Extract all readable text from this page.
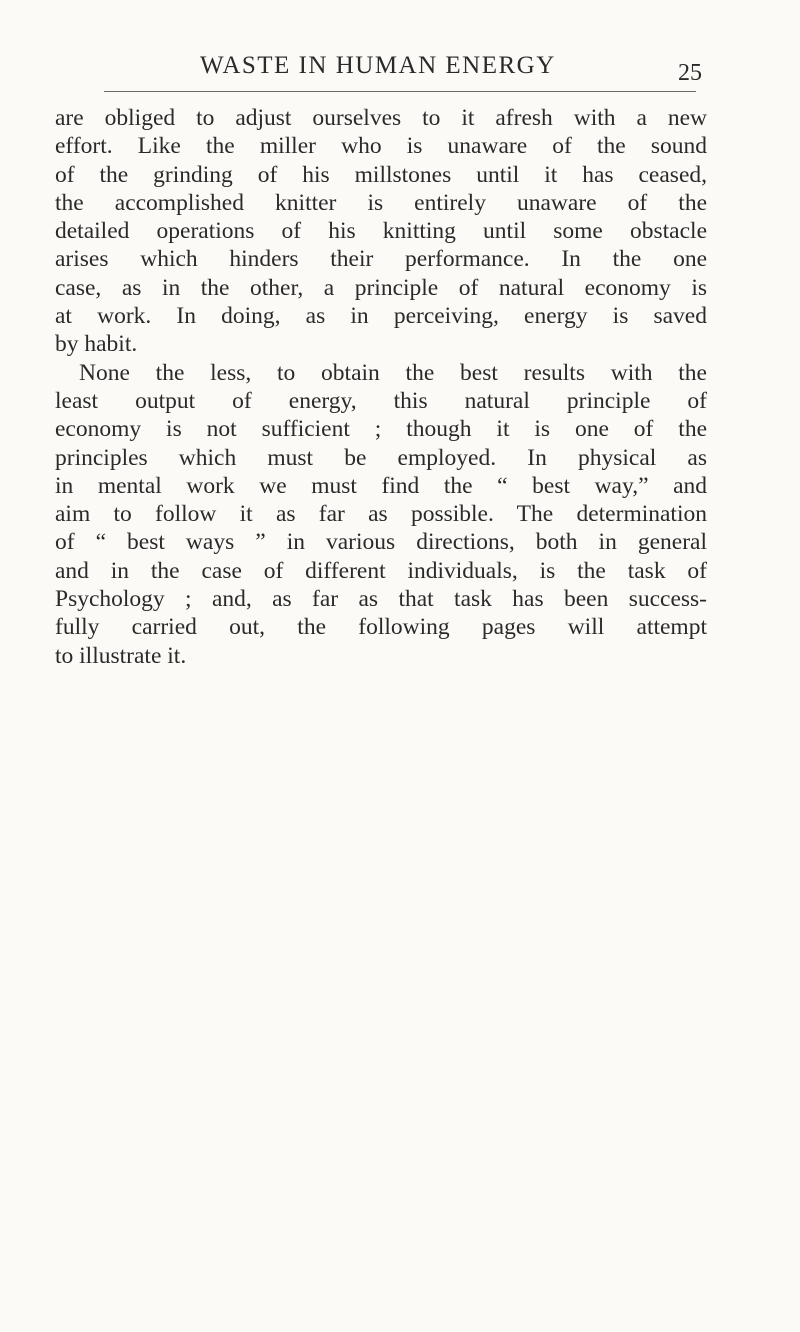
WASTE IN HUMAN ENERGY	25
are obliged to adjust ourselves to it afresh with a new
effort. Like the miller who is unaware of the sound
of the grinding of his millstones until it has ceased,
the accomplished knitter is entirely unaware of the
detailed operations of his knitting until some obstacle
arises which hinders their performance. In the one
case, as in the other, a principle of natural economy is
at work. In doing, as in perceiving, energy is saved
by habit.
None the less, to obtain the best results with the
least output of energy, this natural principle of
economy is not sufficient ; though it is one of the
principles which must be employed. In physical as
in mental work we must find the “ best way,” and
aim to follow it as far as possible. The determination
of “ best ways ” in various directions, both in general
and in the case of different individuals, is the task of
Psychology ; and, as far as that task has been success-
fully carried out, the following pages will attempt
to illustrate it.
